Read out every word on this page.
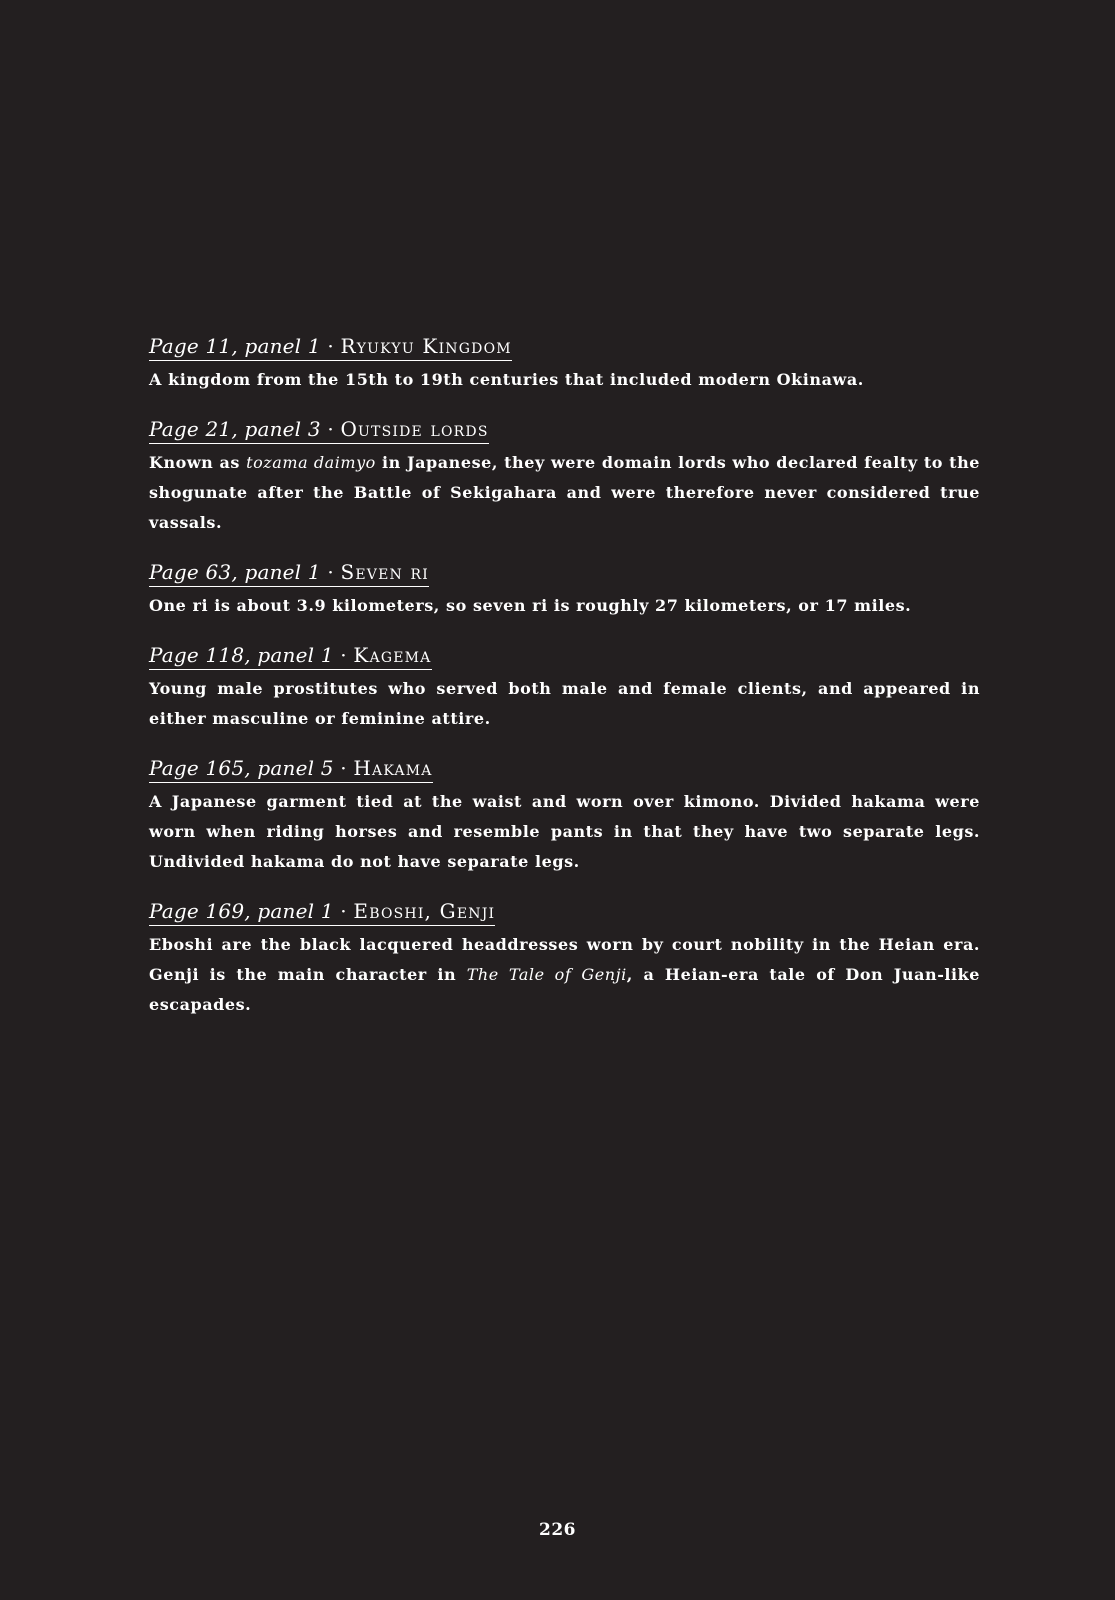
Page 11, panel 1 · Ryukyu Kingdom

A kingdom from the 15th to 19th centuries that included modern Okinawa.

Page 21, panel 3 · Outside lords

Known as tozama daimyo in Japanese, they were domain lords who declared fealty to the shogunate after the Battle of Sekigahara and were therefore never considered true vassals.

Page 63, panel 1 · Seven ri

One ri is about 3.9 kilometers, so seven ri is roughly 27 kilometers, or 17 miles.

Page 118, panel 1 · Kagema

Young male prostitutes who served both male and female clients, and appeared in either masculine or feminine attire.

Page 165, panel 5 · Hakama

A Japanese garment tied at the waist and worn over kimono. Divided hakama were worn when riding horses and resemble pants in that they have two separate legs. Undivided hakama do not have separate legs.

Page 169, panel 1 · Eboshi, Genji

Eboshi are the black lacquered headdresses worn by court nobility in the Heian era. Genji is the main character in The Tale of Genji, a Heian-era tale of Don Juan-like escapades.

226
